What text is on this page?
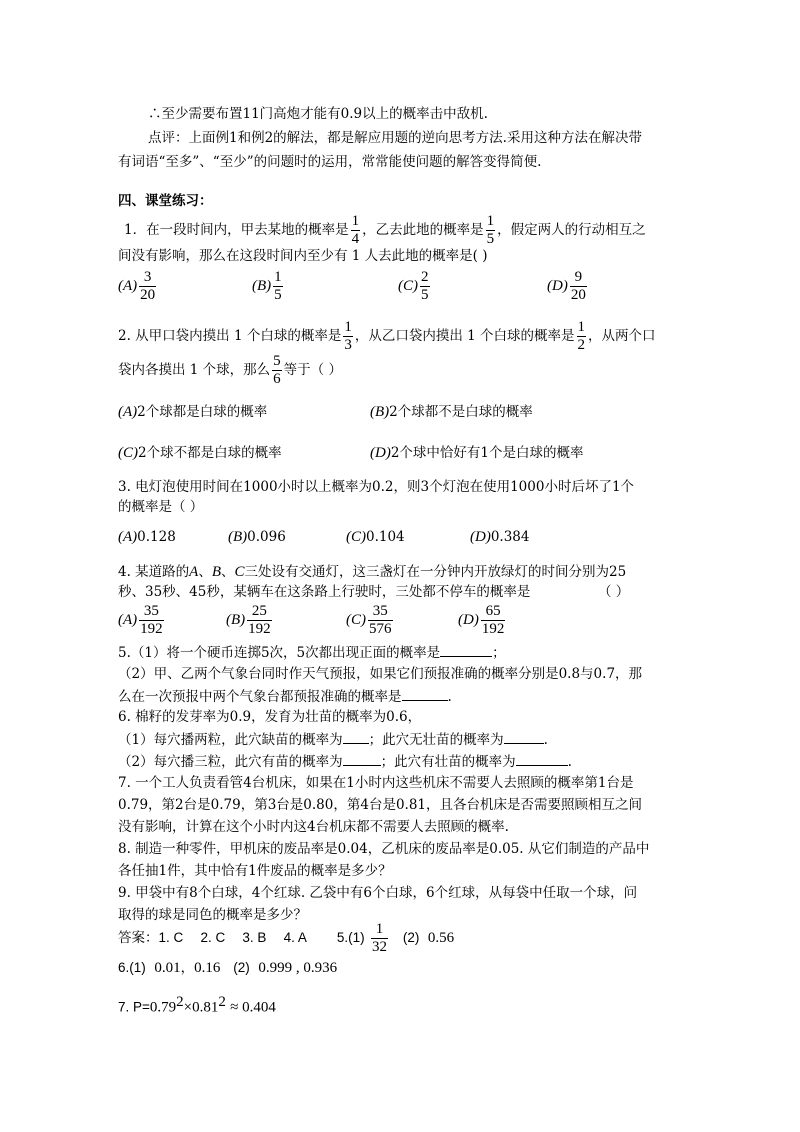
∴至少需要布置11门高炮才能有0.9以上的概率击中敌机.
点评：上面例1和例2的解法，都是解应用题的逆向思考方法.采用这种方法在解决带
有词语“至多”、“至少”的问题时的运用，常常能使问题的解答变得简便.
四、课堂练习：
1．在一段时间内，甲去某地的概率是 $\frac{1}{4}$ ，乙去此地的概率是 $\frac{1}{5}$ ，假定两人的行动相互之
间没有影响，那么在这段时间内至少有 1 人去此地的概率是( )
$(A) \frac{3}{20}$	$(B) \frac{1}{5}$	$(C) \frac{2}{5}$	$(D) \frac{9}{20}$
2. 从甲口袋内摸出 1 个白球的概率是 $\frac{1}{3}$ ，从乙口袋内摸出 1 个白球的概率是 $\frac{1}{2}$ ，从两个口
袋内各摸出 1 个球，那么 $\frac{5}{6}$ 等于（ ）
(A)2个球都是白球的概率	(B)2个球都不是白球的概率
(C)2个球不都是白球的概率	(D)2个球中恰好有1个是白球的概率
3. 电灯泡使用时间在1000小时以上概率为0.2，则3个灯泡在使用1000小时后坏了1个
的概率是（ ）
(A)0.128	(B)0.096	(C)0.104	(D)0.384
4. 某道路的A、B、C三处设有交通灯，这三盏灯在一分钟内开放绿灯的时间分别为25
秒、35秒、45秒，某辆车在这条路上行驶时，三处都不停车的概率是	（ ）
$(A) \frac{35}{192}$	$(B) \frac{25}{192}$	$(C) \frac{35}{576}$	$(D) \frac{65}{192}$
5.（1）将一个硬币连掷5次，5次都出现正面的概率是	；
（2）甲、乙两个气象台同时作天气预报，如果它们预报准确的概率分别是0.8与0.7，那
么在一次预报中两个气象台都预报准确的概率是	.
6. 棉籽的发芽率为0.9，发育为壮苗的概率为0.6，
（1）每穴播两粒，此穴缺苗的概率为 ；此穴无壮苗的概率为	.
（2）每穴播三粒，此穴有苗的概率为	；此穴有壮苗的概率为	.
7. 一个工人负责看管4台机床，如果在1小时内这些机床不需要人去照顾的概率第1台是
0.79，第2台是0.79，第3台是0.80，第4台是0.81，且各台机床是否需要照顾相互之间
没有影响，计算在这个小时内这4台机床都不需要人去照顾的概率.
8. 制造一种零件，甲机床的废品率是0.04，乙机床的废品率是0.05. 从它们制造的产品中
各任抽1件，其中恰有1件废品的概率是多少？
9. 甲袋中有8个白球，4个红球. 乙袋中有6个白球，6个红球，从每袋中任取一个球，问
取得的球是同色的概率是多少？
答案：1. C 2. C 3. B 4. A $5.(1) \frac{1}{32} (2)$ 0.56
6.(1) 0.01，0.16 (2) 0.999 , 0.936
7. $P=0.79^2\times 0.81^2 \approx 0.404$
